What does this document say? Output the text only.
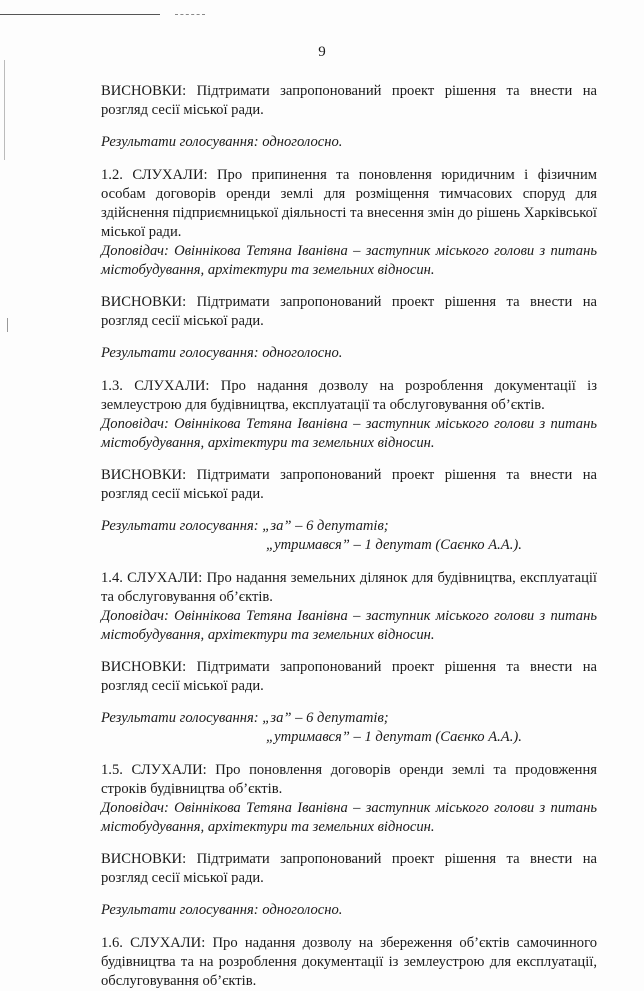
9

ВИСНОВКИ: Підтримати запропонований проект рішення та внести на розгляд сесії міської ради.

Результати голосування: одноголосно.

1.2. СЛУХАЛИ: Про припинення та поновлення юридичним і фізичним особам договорів оренди землі для розміщення тимчасових споруд для здійснення підприємницької діяльності та внесення змін до рішень Харківської міської ради.

Доповідач: Овіннікова Тетяна Іванівна – заступник міського голови з питань містобудування, архітектури та земельних відносин.

ВИСНОВКИ: Підтримати запропонований проект рішення та внести на розгляд сесії міської ради.

Результати голосування: одноголосно.

1.3. СЛУХАЛИ: Про надання дозволу на розроблення документації із землеустрою для будівництва, експлуатації та обслуговування об’єктів.

Доповідач: Овіннікова Тетяна Іванівна – заступник міського голови з питань містобудування, архітектури та земельних відносин.

ВИСНОВКИ: Підтримати запропонований проект рішення та внести на розгляд сесії міської ради.

Результати голосування: „за” – 6 депутатів;

„утримався” – 1 депутат (Саєнко А.А.).

1.4. СЛУХАЛИ: Про надання земельних ділянок для будівництва, експлуатації та обслуговування об’єктів.

Доповідач: Овіннікова Тетяна Іванівна – заступник міського голови з питань містобудування, архітектури та земельних відносин.

ВИСНОВКИ: Підтримати запропонований проект рішення та внести на розгляд сесії міської ради.

Результати голосування: „за” – 6 депутатів;

„утримався” – 1 депутат (Саєнко А.А.).

1.5. СЛУХАЛИ: Про поновлення договорів оренди землі та продовження строків будівництва об’єктів.

Доповідач: Овіннікова Тетяна Іванівна – заступник міського голови з питань містобудування, архітектури та земельних відносин.

ВИСНОВКИ: Підтримати запропонований проект рішення та внести на розгляд сесії міської ради.

Результати голосування: одноголосно.

1.6. СЛУХАЛИ: Про надання дозволу на збереження об’єктів самочинного будівництва та на розроблення документації із землеустрою для експлуатації, обслуговування об’єктів.
